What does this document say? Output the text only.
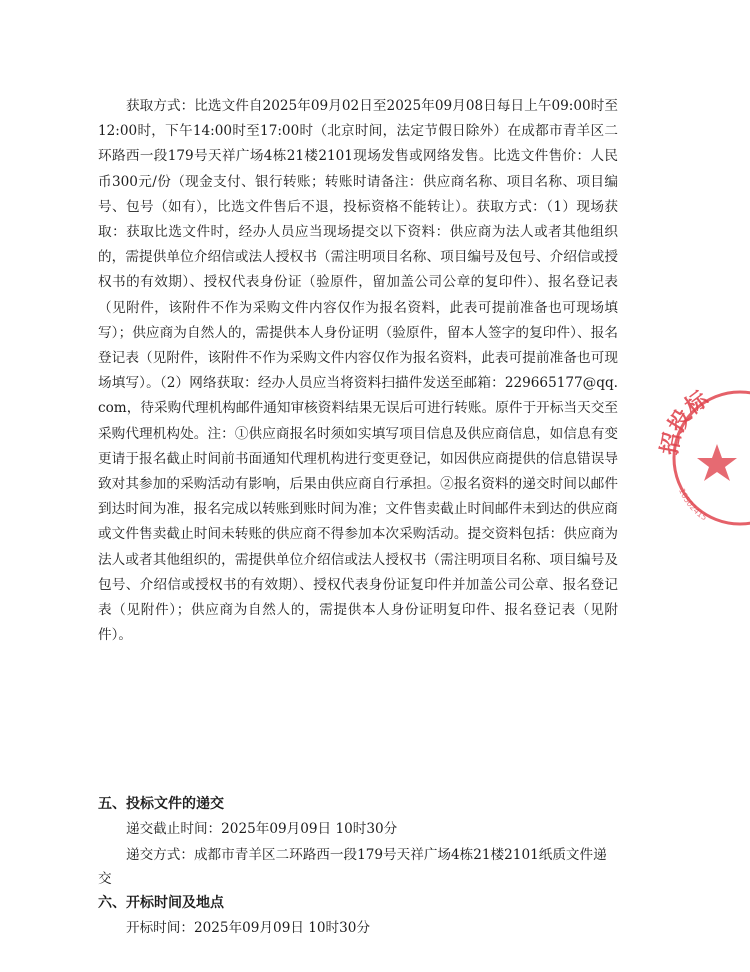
获取方式：比选文件自2025年09月02日至2025年09月08日每日上午09:00时至12:00时，下午14:00时至17:00时（北京时间，法定节假日除外）在成都市青羊区二环路西一段179号天祥广场4栋21楼2101现场发售或网络发售。比选文件售价：人民币300元/份（现金支付、银行转账；转账时请备注：供应商名称、项目名称、项目编号、包号（如有），比选文件售后不退，投标资格不能转让）。获取方式：（1）现场获取：获取比选文件时，经办人员应当现场提交以下资料：供应商为法人或者其他组织的，需提供单位介绍信或法人授权书（需注明项目名称、项目编号及包号、介绍信或授权书的有效期）、授权代表身份证（验原件，留加盖公司公章的复印件）、报名登记表（见附件，该附件不作为采购文件内容仅作为报名资料，此表可提前准备也可现场填写）；供应商为自然人的，需提供本人身份证明（验原件，留本人签字的复印件）、报名登记表（见附件，该附件不作为采购文件内容仅作为报名资料，此表可提前准备也可现场填写）。（2）网络获取：经办人员应当将资料扫描件发送至邮箱：229665177@qq.com，待采购代理机构邮件通知审核资料结果无误后可进行转账。原件于开标当天交至采购代理机构处。注：①供应商报名时须如实填写项目信息及供应商信息，如信息有变更请于报名截止时间前书面通知代理机构进行变更登记，如因供应商提供的信息错误导致对其参加的采购活动有影响，后果由供应商自行承担。②报名资料的递交时间以邮件到达时间为准，报名完成以转账到账时间为准；文件售卖截止时间邮件未到达的供应商或文件售卖截止时间未转账的供应商不得参加本次采购活动。提交资料包括：供应商为法人或者其他组织的，需提供单位介绍信或法人授权书（需注明项目名称、项目编号及包号、介绍信或授权书的有效期）、授权代表身份证复印件并加盖公司公章、报名登记表（见附件）；供应商为自然人的，需提供本人身份证明复印件、报名登记表（见附件）。

五、投标文件的递交

递交截止时间：2025年09月09日 10时30分

递交方式：成都市青羊区二环路西一段179号天祥广场4栋21楼2101纸质文件递交

六、开标时间及地点

开标时间：2025年09月09日 10时30分

招投标
10502415
